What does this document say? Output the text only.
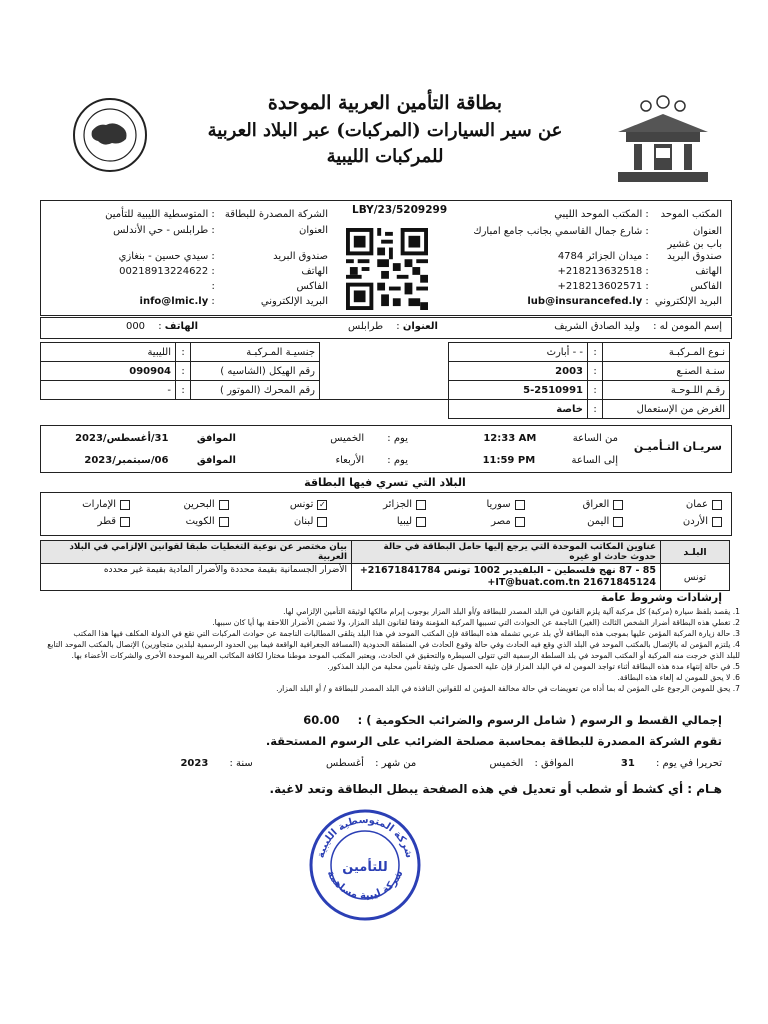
بطاقة التأمين العربية الموحدة
عن سير السيارات (المركبات) عبر البلاد العربية
للمركبات الليبية
LBY/23/5209299	المكتب الموحد : المكتب الموحد الليبي
العنوان : شارع جمال القاسمي بجانب جامع امبارك باب بن غشير
صندوق البريد : ميدان الجزائر 4784
الهاتف : +218213632518
الفاكس : +218213602571
البريد الإلكتروني : lub@insurancefed.ly
الشركة المصدرة للبطاقة : المتوسطية الليبية للتأمين
العنوان : طرابلس - حي الأندلس
صندوق البريد : سيدي حسين - بنغازي
الهاتف : 00218913224622
الفاكس :
البريد الإلكتروني : info@lmic.ly
إسم المومن له : وليد الصادق الشريف
العنوان : طرابلس
الهاتف : 000
نـوع المـركبـة	:	- - أبارث		جنسيـة المـركبـة	:	الليبية
سنـة الصنـع	:	2003		رقم الهيكل (الشاسيه )	:	090904
رقـم اللـوحـة	:	5-2510991		رقم المحرك (الموتور )	:	-
الغرض من الإستعمال	:	خاصة				
سريـان التـأميـن
من الساعة  12:33 AM
إلى الساعة  11:59 PM
يوم : الخميس
يوم : الأربعاء
الموافق  31/أغسطس/2023
الموافق  06/سبتمبر/2023
البلاد التي تسري فيها البطاقة
عمان
العراق
سوريا
الجزائر
✓
تونس
البحرين
الإمارات
الأردن
اليمن
مصر
ليبيا
لبنان
الكويت
قطر
البلـد	عناوين المكاتب الموحدة التي يرجع إليها حامل البطاقة في حالة حدوث حادث او غيره	بيان مختصر عن نوعية التغطيات طبقا لقوانين الإلزامي في البلاد العربية
تونس	85 - 87 نهج فلسطين - البلفيدير 1002 تونس 21671841784+
IT@buat.com.tn 21671845124+	الأضرار الجسمانية بقيمة محددة والأضرار المادية بقيمة غير محدده
إرشادات وشروط عامة
1. يقصد بلفظ سيارة (مركبة) كل مركبة آلية يلزم القانون في البلد المصدر للبطاقة و/أو البلد المزار بوجوب إبرام مالكها لوثيقة التأمين الإلزامي لها.
2. تغطي هذه البطاقة أضرار الشخص الثالث (الغير) الناجمة عن الحوادث التي تسببها المركبة المؤمنة وفقا لقانون البلد المزار، ولا تضمن الأضرار اللاحقة بها أيا كان سببها.
3. حالة زيارة المركبة المؤمن عليها بموجب هذه البطاقة لأي بلد عربي تشمله هذه البطاقة فإن المكتب الموحد في هذا البلد يتلقى المطالبات الناجمة عن حوادث المركبات التي تقع في الدولة المكلف فيها هذا المكتب
4. يلتزم المؤمن له بالإتصال بالمكتب الموحد في البلد الذي وقع فيه الحادث وفي حالة وقوع الحادث في المنطقة الحدودية (المسافة الجغرافية الواقعة فيما بين الحدود الرسمية لبلدين متجاورين) الإتصال بالمكتب الموحد التابع
للبلد الذي خرجت منه المركبة أو المكتب الموحد في بلد السلطة الرسمية التي تتولى السيطرة والتحقيق في الحادث، ويعتبر المكتب الموحد موطنا مختارا لكافة المكاتب العربية الموحدة الأخرى والشركات الأعضاء بها.
5. في حالة إنتهاء مدة هذه البطاقة أثناء تواجد المومن له في البلد المزار فإن عليه الحصول على وثيقة تأمين محلية من البلد المذكور.
6. لا يحق للمومن له إلغاء هذه البطاقة.
7. يحق للمومن الرجوع على المؤمن له بما أداه من تعويضات في حالة مخالفة المؤمن له للقوانين النافذة في البلد المصدر للبطاقة و / أو البلد المزار.
إجمالي القسط و الرسوم ( شامل الرسوم والضرائب الحكومية ) :  60.00
تقوم الشركة المصدرة للبطاقة بمحاسبة مصلحة الضرائب على الرسوم المستحقة.
تحريرا في يوم : 31 الموافق : الخميس من شهر : أغسطس سنة : 2023
هـام : أي كشط أو شطب أو تعديل في هذه الصفحة يبطل البطاقة وتعد لاغية.
شركة المتوسطية الليبية
للتأمين
شركة ليبية مساهمة
